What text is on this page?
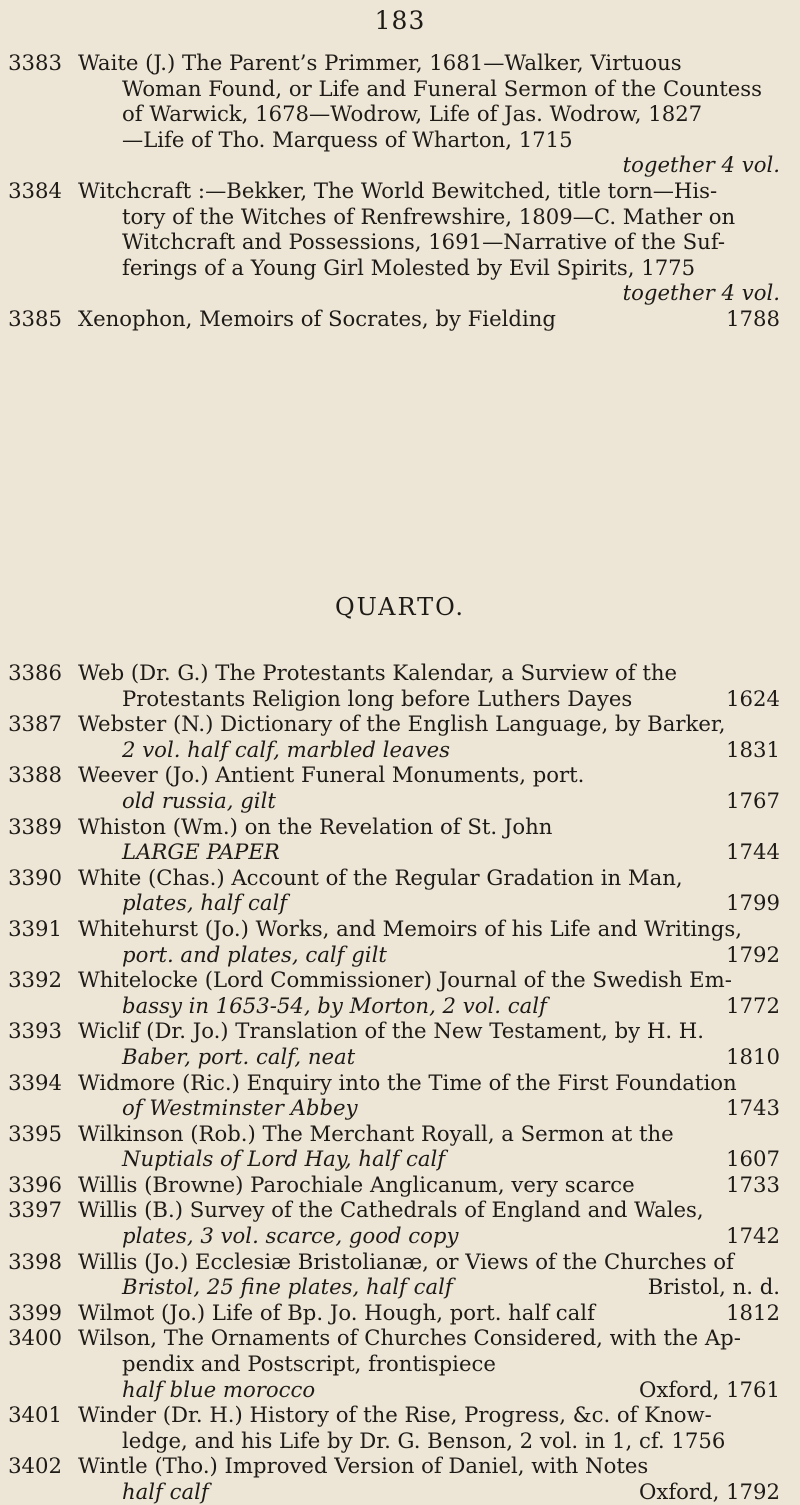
183
3383 Waite (J.) The Parent’s Primmer, 1681—Walker, Virtuous
Woman Found, or Life and Funeral Sermon of the Countess
of Warwick, 1678—Wodrow, Life of Jas. Wodrow, 1827
—Life of Tho. Marquess of Wharton, 1715
together 4 vol.
3384 Witchcraft :—Bekker, The World Bewitched, title torn—His-
tory of the Witches of Renfrewshire, 1809—C. Mather on
Witchcraft and Possessions, 1691—Narrative of the Suf-
ferings of a Young Girl Molested by Evil Spirits, 1775
together 4 vol.
3385 Xenophon, Memoirs of Socrates, by Fielding	1788
QUARTO.
3386 Web (Dr. G.) The Protestants Kalendar, a Surview of the
Protestants Religion long before Luthers Dayes	1624
3387 Webster (N.) Dictionary of the English Language, by Barker,
2 vol. half calf, marbled leaves	1831
3388 Weever (Jo.) Antient Funeral Monuments, port.
old russia, gilt	1767
3389 Whiston (Wm.) on the Revelation of St. John
LARGE PAPER	1744
3390 White (Chas.) Account of the Regular Gradation in Man,
plates, half calf	1799
3391 Whitehurst (Jo.) Works, and Memoirs of his Life and Writings,
port. and plates, calf gilt	1792
3392 Whitelocke (Lord Commissioner) Journal of the Swedish Em-
bassy in 1653-54, by Morton, 2 vol. calf	1772
3393 Wiclif (Dr. Jo.) Translation of the New Testament, by H. H.
Baber, port. calf, neat	1810
3394 Widmore (Ric.) Enquiry into the Time of the First Foundation
of Westminster Abbey	1743
3395 Wilkinson (Rob.) The Merchant Royall, a Sermon at the
Nuptials of Lord Hay, half calf	1607
3396 Willis (Browne) Parochiale Anglicanum, very scarce	1733
3397 Willis (B.) Survey of the Cathedrals of England and Wales,
plates, 3 vol. scarce, good copy	1742
3398 Willis (Jo.) Ecclesiæ Bristolianæ, or Views of the Churches of
Bristol, 25 fine plates, half calf	Bristol, n. d.
3399 Wilmot (Jo.) Life of Bp. Jo. Hough, port. half calf	1812
3400 Wilson, The Ornaments of Churches Considered, with the Ap-
pendix and Postscript, frontispiece
half blue morocco	Oxford, 1761
3401 Winder (Dr. H.) History of the Rise, Progress, &c. of Know-
ledge, and his Life by Dr. G. Benson, 2 vol. in 1, cf. 1756
3402 Wintle (Tho.) Improved Version of Daniel, with Notes
half calf	Oxford, 1792
